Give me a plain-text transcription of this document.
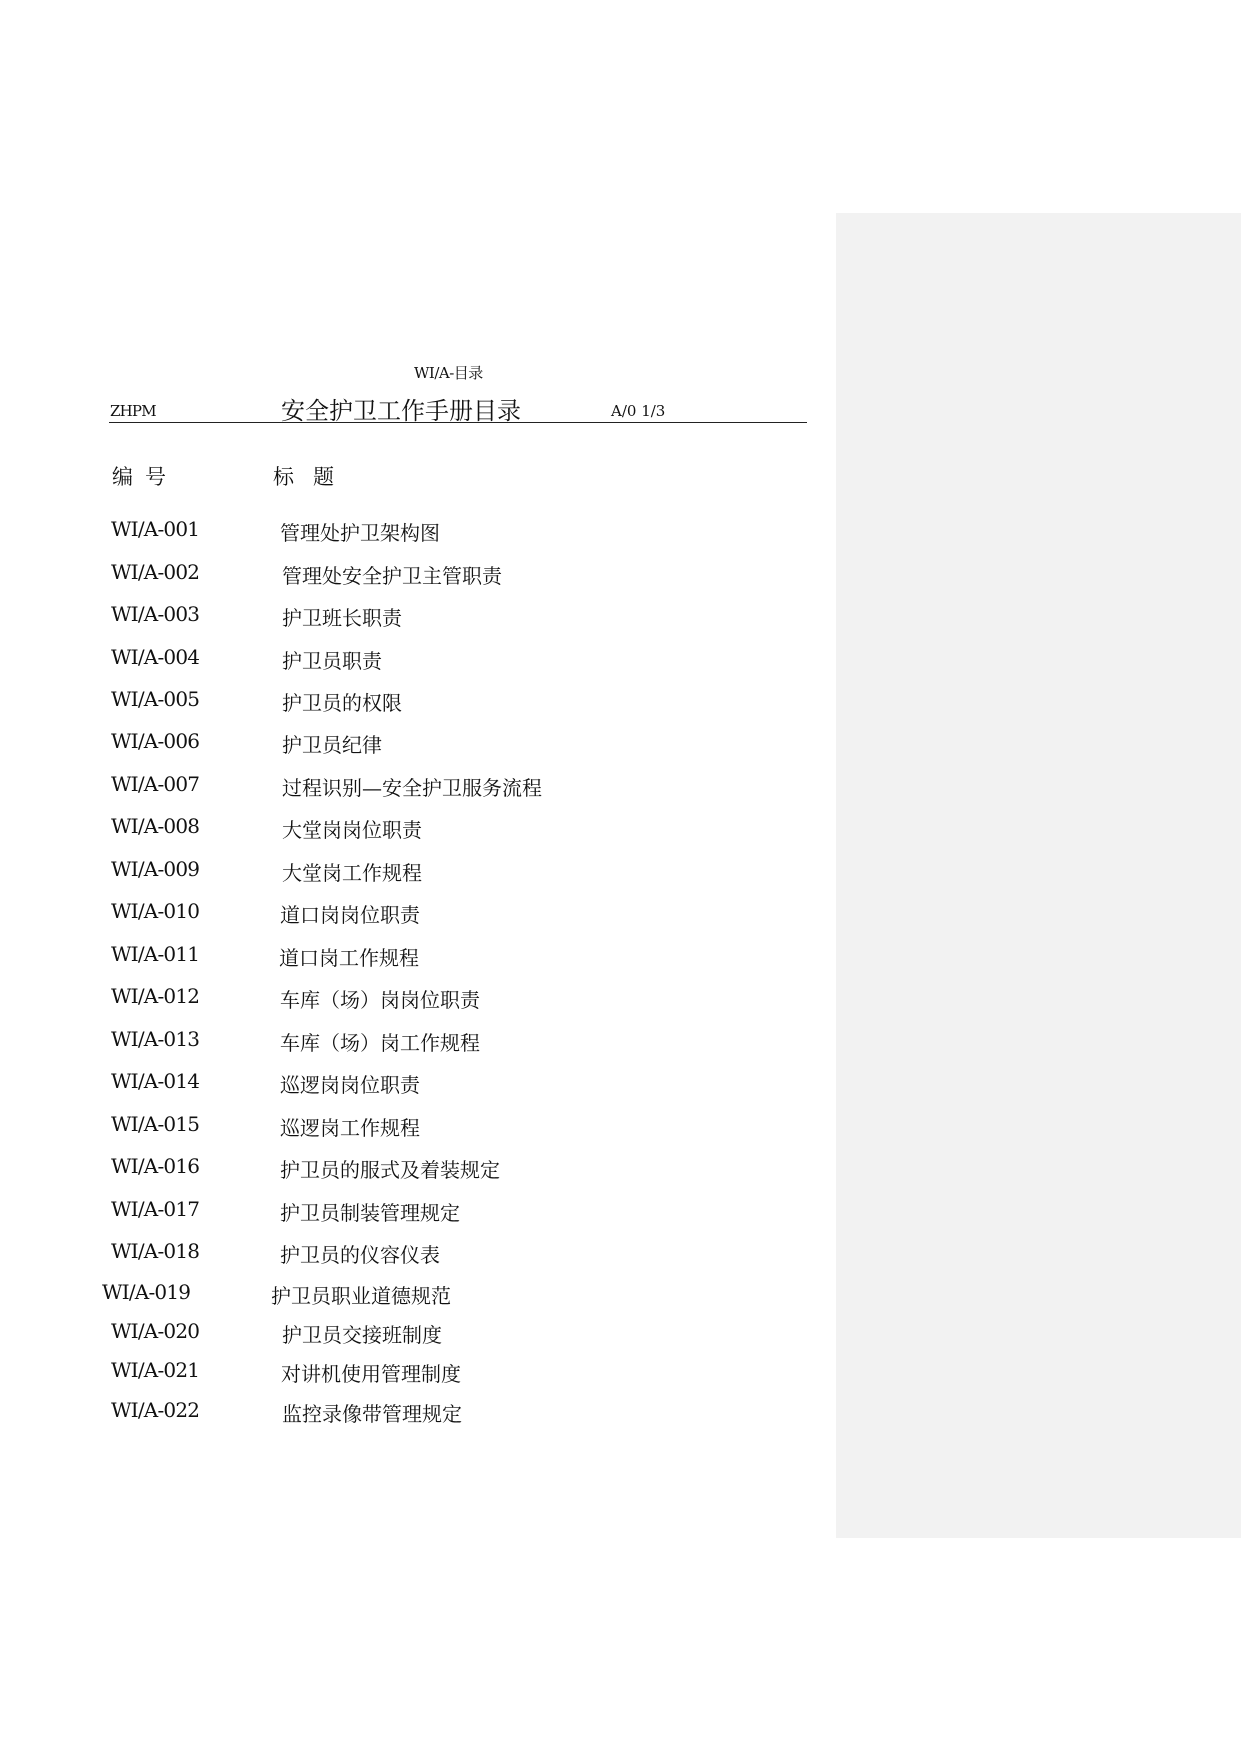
WI/A-目录
ZHPM	安全护卫工作手册目录	A/0 1/3
编号	标题
WI/A-001	管理处护卫架构图
WI/A-002	管理处安全护卫主管职责
WI/A-003	护卫班长职责
WI/A-004	护卫员职责
WI/A-005	护卫员的权限
WI/A-006	护卫员纪律
WI/A-007	过程识别—安全护卫服务流程
WI/A-008	大堂岗岗位职责
WI/A-009	大堂岗工作规程
WI/A-010	道口岗岗位职责
WI/A-011	道口岗工作规程
WI/A-012	车库（场）岗岗位职责
WI/A-013	车库（场）岗工作规程
WI/A-014	巡逻岗岗位职责
WI/A-015	巡逻岗工作规程
WI/A-016	护卫员的服式及着装规定
WI/A-017	护卫员制装管理规定
WI/A-018	护卫员的仪容仪表
WI/A-019	护卫员职业道德规范
WI/A-020	护卫员交接班制度
WI/A-021	对讲机使用管理制度
WI/A-022	监控录像带管理规定
